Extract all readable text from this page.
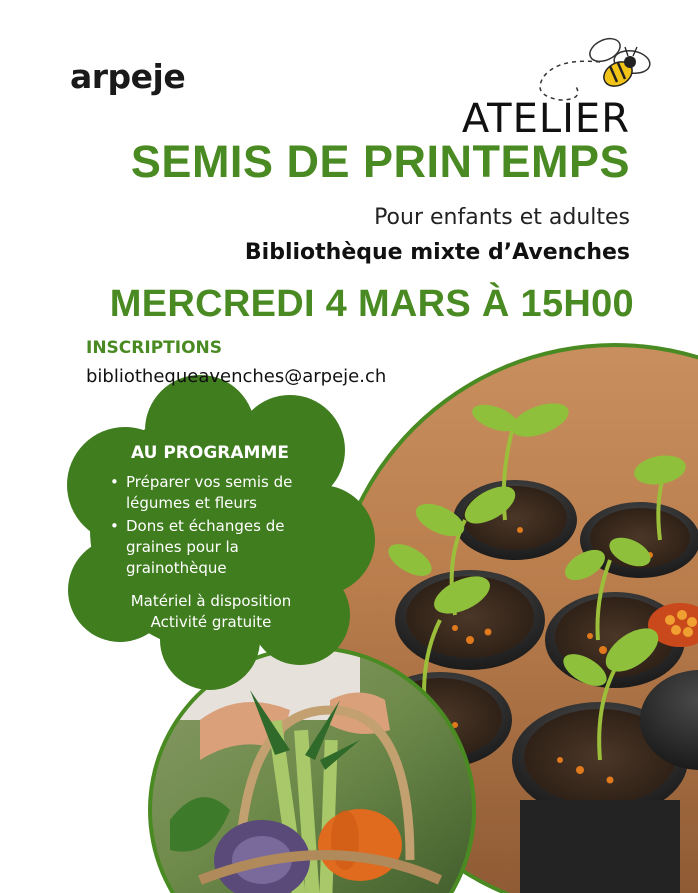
arpeje
ATELIER
SEMIS DE PRINTEMPS
Pour enfants et adultes
Bibliothèque mixte d’Avenches
MERCREDI 4 MARS À 15H00
INSCRIPTIONS
bibliothequeavenches@arpeje.ch
AU PROGRAMME
• Préparer vos semis de légumes et fleurs
• Dons et échanges de graines pour la grainothèque
Matériel à disposition
Activité gratuite
